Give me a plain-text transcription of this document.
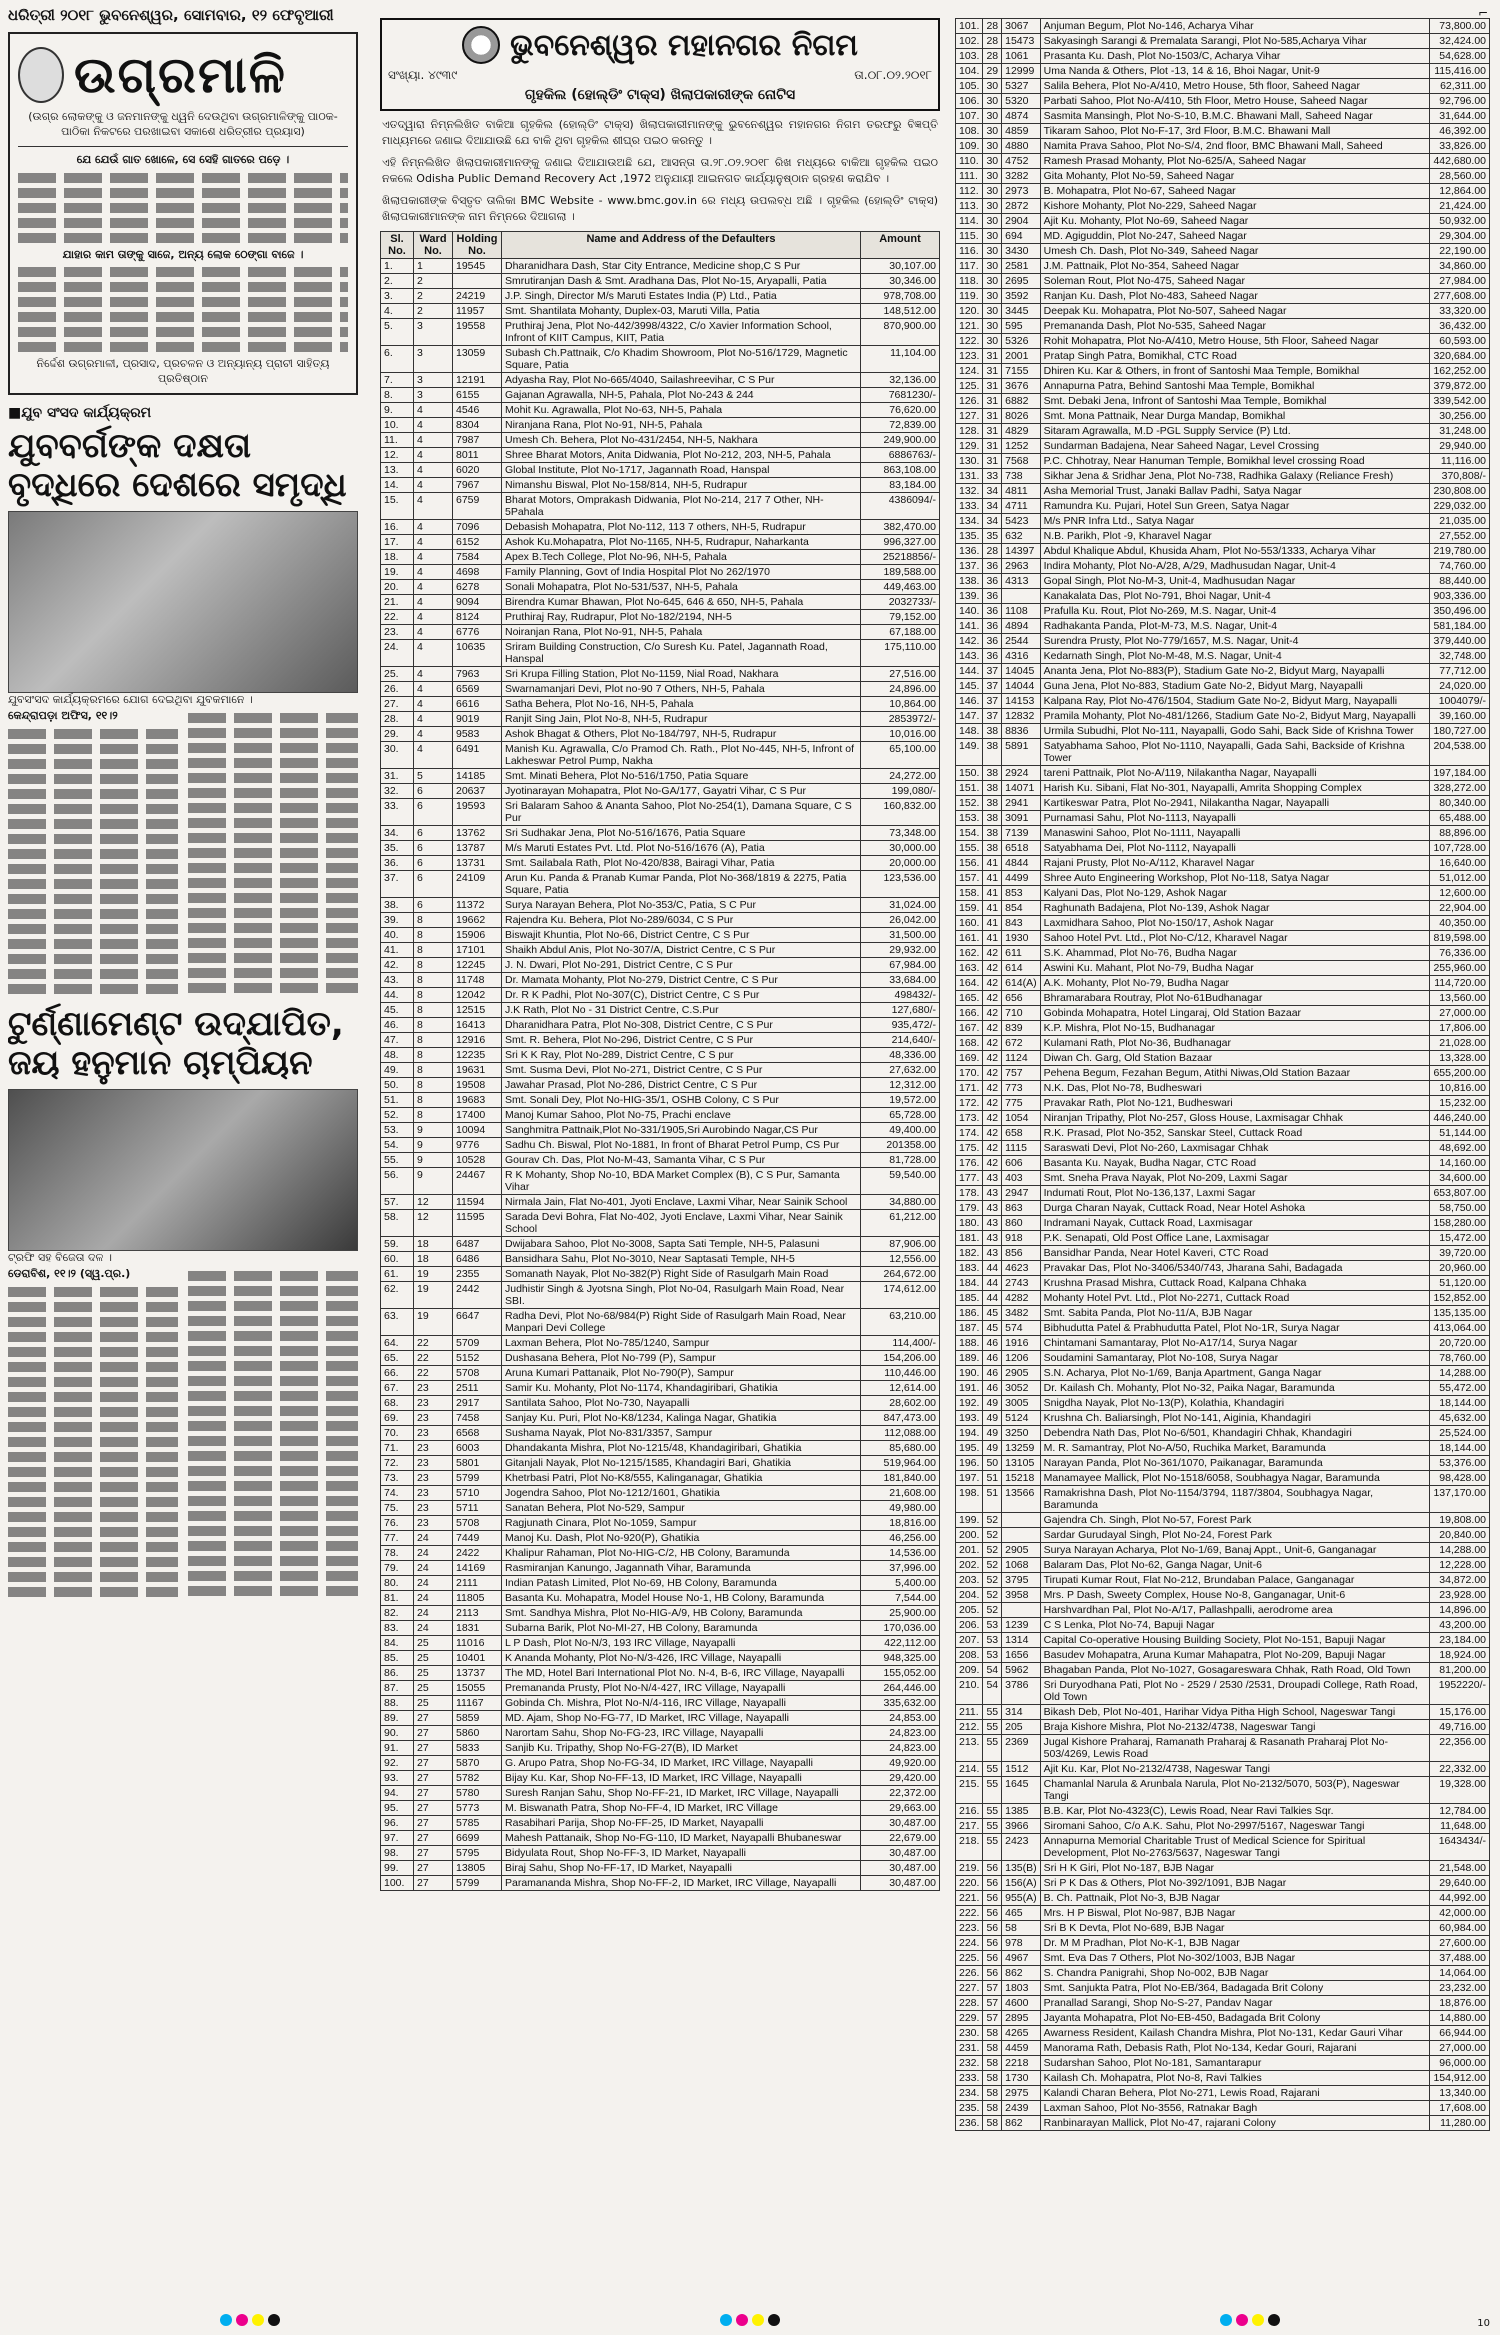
ଧରିତ୍ରୀ ୨୦୧୮ ଭୁବନେଶ୍ୱର, ସୋମବାର, ୧୨ ଫେବୃଆରୀ	⌐
ଉଗ୍ରମାଳି
(ଉଗ୍ର ଲୋକଙ୍କୁ ଓ ଜନମାନଙ୍କୁ ଧ୍ୱନି ଦେଉଥିବା ଉଗ୍ରମାଳିଙ୍କୁ ପାଠକ-ପାଠିକା ନିକଟରେ ପରଖାଇବା ସକାଶେ ଧରିତ୍ରୀର ପ୍ରୟାସ)
ଯେ ଯେଉଁ ଗାତ ଖୋଳେ, ସେ ସେହି ଗାତରେ ପଡ଼େ ।
ଯାହାର କାମ ତାଙ୍କୁ ସାଜେ, ଅନ୍ୟ ଲୋକ ଠେଙ୍ଗା ବାଜେ ।
ନିର୍ଦ୍ଦେଶ ଉଗ୍ରମାଳୀ, ପ୍ରସାଦ, ପ୍ରଚଳନ ଓ ଅନ୍ୟାନ୍ୟ ପ୍ରାଚୀ ସାହିତ୍ୟ ପ୍ରତିଷ୍ଠାନ
■ଯୁବ ସଂସଦ କାର୍ଯ୍ୟକ୍ରମ
ଯୁବବର୍ଗଙ୍କ ଦକ୍ଷତା ବୃଦ୍ଧିରେ ଦେଶରେ ସମୃଦ୍ଧି
ଯୁବସଂସଦ କାର୍ଯ୍ୟକ୍ରମରେ ଯୋଗ ଦେଇଥିବା ଯୁବକମାନେ ।
କେନ୍ଦ୍ରାପଡ଼ା ଅଫିସ, ୧୧।୨
ଟୁର୍ଣ୍ଣାମେଣ୍ଟ ଉଦ୍‌ଯାପିତ, ଜୟ ହନୁମାନ ଚାମ୍ପିୟନ
ଟ୍ରଫି ସହ ବିଜେତା ଦଳ ।
ଡେରାବିଶ, ୧୧।୨ (ସ୍ୱ.ପ୍ର.)
ଭୁବନେଶ୍ୱର ମହାନଗର ନିଗମ
ସଂଖ୍ୟା. ୪୯୩୯	ତା.୦୮.୦୨.୨୦୧୮
ଗୃହକିଲ (ହୋଲ୍ଡିଂ ଟାକ୍ସ) ଖିଲାପକାରୀଙ୍କ ନୋଟିସ
ଏତଦ୍ୱାରା ନିମ୍ନଲିଖିତ ବାକିଆ ଗୃହକିଲ (ହୋଲ୍ଡିଂ ଟାକ୍ସ) ଖିଲାପକାରୀମାନଙ୍କୁ ଭୁବନେଶ୍ୱର ମହାନଗର ନିଗମ ତରଫରୁ ବିଜ୍ଞପ୍ତି ମାଧ୍ୟମରେ ଜଣାଇ ଦିଆଯାଉଛି ଯେ ବାକି ଥିବା ଗୃହକିଲ ଶୀଘ୍ର ପଇଠ କରନ୍ତୁ ।
ଏହି ନିମ୍ନଲିଖିତ ଖିଲାପକାରୀମାନଙ୍କୁ ଜଣାଇ ଦିଆଯାଉଅଛି ଯେ, ଆସନ୍ତା ତା.୨୮.୦୨.୨୦୧୮ ରିଖ ମଧ୍ୟରେ ବାକିଆ ଗୃହକିଲ ପଇଠ ନକଲେ Odisha Public Demand Recovery Act ,1972 ଅନୁଯାୟୀ ଆଇନଗତ କାର୍ଯ୍ୟାନୁଷ୍ଠାନ ଗ୍ରହଣ କରାଯିବ ।
ଖିଲାପକାରୀଙ୍କ ବିସ୍ତୃତ ତାଲିକା BMC Website - www.bmc.gov.in ରେ ମଧ୍ୟ ଉପଲବ୍ଧ ଅଛି । ଗୃହକିଲ (ହୋଲ୍ଡିଂ ଟାକ୍ସ) ଖିଲାପକାରୀମାନଙ୍କ ନାମ ନିମ୍ନରେ ଦିଆଗଲା ।
Sl. No.	Ward No.	Holding No.	Name and Address of the Defaulters	Amount
1.	1	19545	Dharanidhara Dash, Star City Entrance, Medicine shop,C S Pur	30,107.00
2.	2		Smrutiranjan Dash & Smt. Aradhana Das, Plot No-15, Aryapalli, Patia	30,346.00
3.	2	24219	J.P. Singh, Director M/s Maruti Estates India (P) Ltd., Patia	978,708.00
4.	2	11957	Smt. Shantilata Mohanty, Duplex-03, Maruti Villa, Patia	148,512.00
5.	3	19558	Pruthiraj Jena, Plot No-442/3998/4322, C/o Xavier Information School, Infront of KIIT Campus, KIIT, Patia	870,900.00
6.	3	13059	Subash Ch.Pattnaik, C/o Khadim Showroom, Plot No-516/1729, Magnetic Square, Patia	11,104.00
7.	3	12191	Adyasha Ray, Plot No-665/4040, Sailashreevihar, C S Pur	32,136.00
8.	3	6155	Gajanan Agrawalla, NH-5, Pahala, Plot No-243 & 244	7681230/-
9.	4	4546	Mohit Ku. Agrawalla, Plot No-63, NH-5, Pahala	76,620.00
10.	4	8304	Niranjana Rana, Plot No-91, NH-5, Pahala	72,839.00
11.	4	7987	Umesh Ch. Behera, Plot No-431/2454, NH-5, Nakhara	249,900.00
12.	4	8011	Shree Bharat Motors, Anita Didwania, Plot No-212, 203, NH-5, Pahala	6886763/-
13.	4	6020	Global Institute, Plot No-1717, Jagannath Road, Hanspal	863,108.00
14.	4	7967	Nimanshu Biswal, Plot No-158/814, NH-5, Rudrapur	83,184.00
15.	4	6759	Bharat Motors, Omprakash Didwania, Plot No-214, 217 7 Other, NH-5Pahala	4386094/-
16.	4	7096	Debasish Mohapatra, Plot No-112, 113 7 others, NH-5, Rudrapur	382,470.00
17.	4	6152	Ashok Ku.Mohapatra, Plot No-1165, NH-5, Rudrapur, Naharkanta	996,327.00
18.	4	7584	Apex B.Tech College, Plot No-96, NH-5, Pahala	25218856/-
19.	4	4698	Family Planning, Govt of India Hospital Plot No 262/1970	189,588.00
20.	4	6278	Sonali Mohapatra, Plot No-531/537, NH-5, Pahala	449,463.00
21.	4	9094	Birendra Kumar Bhawan, Plot No-645, 646 & 650, NH-5, Pahala	2032733/-
22.	4	8124	Pruthiraj Ray, Rudrapur, Plot No-182/2194, NH-5	79,152.00
23.	4	6776	Noiranjan Rana, Plot No-91, NH-5, Pahala	67,188.00
24.	4	10635	Sriram Building Construction, C/o Suresh Ku. Patel, Jagannath Road, Hanspal	175,110.00
25.	4	7963	Sri Krupa Filling Station, Plot No-1159, Nial Road, Nakhara	27,516.00
26.	4	6569	Swarnamanjari Devi, Plot no-90 7 Others, NH-5, Pahala	24,896.00
27.	4	6616	Satha Behera, Plot No-16, NH-5, Pahala	10,864.00
28.	4	9019	Ranjit Sing Jain, Plot No-8, NH-5, Rudrapur	2853972/-
29.	4	9583	Ashok Bhagat & Others, Plot No-184/797, NH-5, Rudrapur	10,016.00
30.	4	6491	Manish Ku. Agrawalla, C/o Pramod Ch. Rath., Plot No-445, NH-5, Infront of Lakheswar Petrol Pump, Nakha	65,100.00
31.	5	14185	Smt. Minati Behera, Plot No-516/1750, Patia Square	24,272.00
32.	6	20637	Jyotinarayan Mohapatra, Plot No-GA/177, Gayatri Vihar, C S Pur	199,080/-
33.	6	19593	Sri Balaram Sahoo & Ananta Sahoo, Plot No-254(1), Damana Square, C S Pur	160,832.00
34.	6	13762	Sri Sudhakar Jena, Plot No-516/1676, Patia Square	73,348.00
35.	6	13787	M/s Maruti Estates Pvt. Ltd. Plot No-516/1676 (A), Patia	30,000.00
36.	6	13731	Smt. Sailabala Rath, Plot No-420/838, Bairagi Vihar, Patia	20,000.00
37.	6	24109	Arun Ku. Panda & Pranab Kumar Panda, Plot No-368/1819 & 2275, Patia Square, Patia	123,536.00
38.	6	11372	Surya Narayan Behera, Plot No-353/C, Patia, S C Pur	31,024.00
39.	8	19662	Rajendra Ku. Behera, Plot No-289/6034, C S Pur	26,042.00
40.	8	15906	Biswajit Khuntia, Plot No-66, District Centre, C S Pur	31,500.00
41.	8	17101	Shaikh Abdul Anis, Plot No-307/A, District Centre, C S Pur	29,932.00
42.	8	12245	J. N. Dwari, Plot No-291, District Centre, C S Pur	67,984.00
43.	8	11748	Dr. Mamata Mohanty, Plot No-279, District Centre, C S Pur	33,684.00
44.	8	12042	Dr. R K Padhi, Plot No-307(C), District Centre, C S Pur	498432/-
45.	8	12515	J.K Rath, Plot No - 31 District Centre, C.S.Pur	127,680/-
46.	8	16413	Dharanidhara Patra, Plot No-308, District Centre, C S Pur	935,472/-
47.	8	12916	Smt. R. Behera, Plot No-296, District Centre, C S Pur	214,640/-
48.	8	12235	Sri K K Ray, Plot No-289, District Centre, C S pur	48,336.00
49.	8	19631	Smt. Susma Devi, Plot No-271, District Centre, C S Pur	27,632.00
50.	8	19508	Jawahar Prasad, Plot No-286, District Centre, C S Pur	12,312.00
51.	8	19683	Smt. Sonali Dey, Plot No-HIG-35/1, OSHB Colony, C S Pur	19,572.00
52.	8	17400	Manoj Kumar Sahoo, Plot No-75, Prachi enclave	65,728.00
53.	9	10094	Sanghmitra Pattnaik,Plot No-331/1905,Sri Aurobindo Nagar,CS Pur	49,400.00
54.	9	9776	Sadhu Ch. Biswal, Plot No-1881, In front of Bharat Petrol Pump, CS Pur	201358.00
55.	9	10528	Gourav Ch. Das, Plot No-M-43, Samanta Vihar, C S Pur	81,728.00
56.	9	24467	R K Mohanty, Shop No-10, BDA Market Complex (B), C S Pur, Samanta Vihar	59,540.00
57.	12	11594	Nirmala Jain, Flat No-401, Jyoti Enclave, Laxmi Vihar, Near Sainik School	34,880.00
58.	12	11595	Sarada Devi Bohra, Flat No-402, Jyoti Enclave, Laxmi Vihar, Near Sainik School	61,212.00
59.	18	6487	Dwijabara Sahoo, Plot No-3008, Sapta Sati Temple, NH-5, Palasuni	87,906.00
60.	18	6486	Bansidhara Sahu, Plot No-3010, Near Saptasati Temple, NH-5	12,556.00
61.	19	2355	Somanath Nayak, Plot No-382(P) Right Side of Rasulgarh Main Road	264,672.00
62.	19	2442	Judhistir Singh & Jyotsna Singh, Plot No-04, Rasulgarh Main Road, Near SBI.	174,612.00
63.	19	6647	Radha Devi, Plot No-68/984(P) Right Side of Rasulgarh Main Road, Near Manpari Devi College	63,210.00
64.	22	5709	Laxman Behera, Plot No-785/1240, Sampur	114,400/-
65.	22	5152	Dushasana Behera, Plot No-799 (P), Sampur	154,206.00
66.	22	5708	Aruna Kumari Pattanaik, Plot No-790(P), Sampur	110,446.00
67.	23	2511	Samir Ku. Mohanty, Plot No-1174, Khandagiribari, Ghatikia	12,614.00
68.	23	2917	Santilata Sahoo, Plot No-730, Nayapalli	28,602.00
69.	23	7458	Sanjay Ku. Puri, Plot No-K8/1234, Kalinga Nagar, Ghatikia	847,473.00
70.	23	6568	Sushama Nayak, Plot No-831/3357, Sampur	112,088.00
71.	23	6003	Dhandakanta Mishra, Plot No-1215/48, Khandagiribari, Ghatikia	85,680.00
72.	23	5801	Gitanjali Nayak, Plot No-1215/1585, Khandagiri Bari, Ghatikia	519,964.00
73.	23	5799	Khetrbasi Patri, Plot No-K8/555, Kalinganagar, Ghatikia	181,840.00
74.	23	5710	Jogendra Sahoo, Plot No-1212/1601, Ghatikia	21,608.00
75.	23	5711	Sanatan Behera, Plot No-529, Sampur	49,980.00
76.	23	5708	Ragjunath Cinara, Plot No-1059, Sampur	18,816.00
77.	24	7449	Manoj Ku. Dash, Plot No-920(P), Ghatikia	46,256.00
78.	24	2422	Khalipur Rahaman, Plot No-HIG-C/2, HB Colony, Baramunda	14,536.00
79.	24	14169	Rasmiranjan Kanungo, Jagannath Vihar, Baramunda	37,996.00
80.	24	2111	Indian Patash Limited, Plot No-69, HB Colony, Baramunda	5,400.00
81.	24	11805	Basanta Ku. Mohapatra, Model House No-1, HB Colony, Baramunda	7,544.00
82.	24	2113	Smt. Sandhya Mishra, Plot No-HIG-A/9, HB Colony, Baramunda	25,900.00
83.	24	1831	Subarna Barik, Plot No-MI-27, HB Colony, Baramunda	170,036.00
84.	25	11016	L P Dash, Plot No-N/3, 193 IRC Village, Nayapalli	422,112.00
85.	25	10401	K Ananda Mohanty, Plot No-N/3-426, IRC Village, Nayapalli	948,325.00
86.	25	13737	The MD, Hotel Bari International Plot No. N-4, B-6, IRC Village, Nayapalli	155,052.00
87.	25	15055	Premananda Prusty, Plot No-N/4-427, IRC Village, Nayapalli	264,446.00
88.	25	11167	Gobinda Ch. Mishra, Plot No-N/4-116, IRC Village, Nayapalli	335,632.00
89.	27	5859	MD. Ajam, Shop No-FG-77, ID Market, IRC Village, Nayapalli	24,853.00
90.	27	5860	Narortam Sahu, Shop No-FG-23, IRC Village, Nayapalli	24,823.00
91.	27	5833	Sanjib Ku. Tripathy, Shop No-FG-27(B), ID Market	24,823.00
92.	27	5870	G. Arupo Patra, Shop No-FG-34, ID Market, IRC Village, Nayapalli	49,920.00
93.	27	5782	Bijay Ku. Kar, Shop No-FF-13, ID Market, IRC Village, Nayapalli	29,420.00
94.	27	5780	Suresh Ranjan Sahu, Shop No-FF-21, ID Market, IRC Village, Nayapalli	22,372.00
95.	27	5773	M. Biswanath Patra, Shop No-FF-4, ID Market, IRC Village	29,663.00
96.	27	5785	Rasabihari Parija, Shop No-FF-25, ID Market, Nayapalli	30,487.00
97.	27	6699	Mahesh Pattanaik, Shop No-FG-110, ID Market, Nayapalli Bhubaneswar	22,679.00
98.	27	5795	Bidyulata Rout, Shop No-FF-3, ID Market, Nayapalli	30,487.00
99.	27	13805	Biraj Sahu, Shop No-FF-17, ID Market, Nayapalli	30,487.00
100.	27	5799	Paramananda Mishra, Shop No-FF-2, ID Market, IRC Village, Nayapalli	30,487.00
101.	28	3067	Anjuman Begum, Plot No-146, Acharya Vihar	73,800.00
102.	28	15473	Sakyasingh Sarangi & Premalata Sarangi, Plot No-585,Acharya Vihar	32,424.00
103.	28	1061	Prasanta Ku. Dash, Plot No-1503/C, Acharya Vihar	54,628.00
104.	29	12999	Uma Nanda & Others, Plot -13, 14 & 16, Bhoi Nagar, Unit-9	115,416.00
105.	30	5327	Salila Behera, Plot No-A/410, Metro House, 5th floor, Saheed Nagar	62,311.00
106.	30	5320	Parbati Sahoo, Plot No-A/410, 5th Floor, Metro House, Saheed Nagar	92,796.00
107.	30	4874	Sasmita Mansingh, Plot No-S-10, B.M.C. Bhawani Mall, Saheed Nagar	31,644.00
108.	30	4859	Tikaram Sahoo, Plot No-F-17, 3rd Floor, B.M.C. Bhawani Mall	46,392.00
109.	30	4880	Namita Prava Sahoo, Plot No-S/4, 2nd floor, BMC Bhawani Mall, Saheed	33,826.00
110.	30	4752	Ramesh Prasad Mohanty, Plot No-625/A, Saheed Nagar	442,680.00
111.	30	3282	Gita Mohanty, Plot No-59, Saheed Nagar	28,560.00
112.	30	2973	B. Mohapatra, Plot No-67, Saheed Nagar	12,864.00
113.	30	2872	Kishore Mohanty, Plot No-229, Saheed Nagar	21,424.00
114.	30	2904	Ajit Ku. Mohanty, Plot No-69, Saheed Nagar	50,932.00
115.	30	694	MD. Agiguddin, Plot No-247, Saheed Nagar	29,304.00
116.	30	3430	Umesh Ch. Dash, Plot No-349, Saheed Nagar	22,190.00
117.	30	2581	J.M. Pattnaik, Plot No-354, Saheed Nagar	34,860.00
118.	30	2695	Soleman Rout, Plot No-475, Saheed Nagar	27,984.00
119.	30	3592	Ranjan Ku. Dash, Plot No-483, Saheed Nagar	277,608.00
120.	30	3445	Deepak Ku. Mohapatra, Plot No-507, Saheed Nagar	33,320.00
121.	30	595	Premananda Dash, Plot No-535, Saheed Nagar	36,432.00
122.	30	5326	Rohit Mohapatra, Plot No-A/410, Metro House, 5th Floor, Saheed Nagar	60,593.00
123.	31	2001	Pratap Singh Patra, Bomikhal, CTC Road	320,684.00
124.	31	7155	Dhiren Ku. Kar & Others, in front of Santoshi Maa Temple, Bomikhal	162,252.00
125.	31	3676	Annapurna Patra, Behind Santoshi Maa Temple, Bomikhal	379,872.00
126.	31	6882	Smt. Debaki Jena, Infront of Santoshi Maa Temple, Bomikhal	339,542.00
127.	31	8026	Smt. Mona Pattnaik, Near Durga Mandap, Bomikhal	30,256.00
128.	31	4829	Sitaram Agrawalla, M.D -PGL Supply Service (P) Ltd.	31,248.00
129.	31	1252	Sundarman Badajena, Near Saheed Nagar, Level Crossing	29,940.00
130.	31	7568	P.C. Chhotray, Near Hanuman Temple, Bomikhal level crossing Road	11,116.00
131.	33	738	Sikhar Jena & Sridhar Jena, Plot No-738, Radhika Galaxy (Reliance Fresh)	370,808/-
132.	34	4811	Asha Memorial Trust, Janaki Ballav Padhi, Satya Nagar	230,808.00
133.	34	4711	Ramundra Ku. Pujari, Hotel Sun Green, Satya Nagar	229,032.00
134.	34	5423	M/s PNR Infra Ltd., Satya Nagar	21,035.00
135.	35	632	N.B. Parikh, Plot -9, Kharavel Nagar	27,552.00
136.	28	14397	Abdul Khalique Abdul, Khusida Aham, Plot No-553/1333, Acharya Vihar	219,780.00
137.	36	2963	Indira Mohanty, Plot No-A/28, A/29, Madhusudan Nagar, Unit-4	74,760.00
138.	36	4313	Gopal Singh, Plot No-M-3, Unit-4, Madhusudan Nagar	88,440.00
139.	36		Kanakalata Das, Plot No-791, Bhoi Nagar, Unit-4	903,336.00
140.	36	1108	Prafulla Ku. Rout, Plot No-269, M.S. Nagar, Unit-4	350,496.00
141.	36	4894	Radhakanta Panda, Plot-M-73, M.S. Nagar, Unit-4	581,184.00
142.	36	2544	Surendra Prusty, Plot No-779/1657, M.S. Nagar, Unit-4	379,440.00
143.	36	4316	Kedarnath Singh, Plot No-M-48, M.S. Nagar, Unit-4	32,748.00
144.	37	14045	Ananta Jena, Plot No-883(P), Stadium Gate No-2, Bidyut Marg, Nayapalli	77,712.00
145.	37	14044	Guna Jena, Plot No-883, Stadium Gate No-2, Bidyut Marg, Nayapalli	24,020.00
146.	37	14153	Kalpana Ray, Plot No-476/1504, Stadium Gate No-2, Bidyut Marg, Nayapalli	1004079/-
147.	37	12832	Pramila Mohanty, Plot No-481/1266, Stadium Gate No-2, Bidyut Marg, Nayapalli	39,160.00
148.	38	8836	Urmila Subudhi, Plot No-111, Nayapalli, Godo Sahi, Back Side of Krishna Tower	180,727.00
149.	38	5891	Satyabhama Sahoo, Plot No-1110, Nayapalli, Gada Sahi, Backside of Krishna Tower	204,538.00
150.	38	2924	tareni Pattnaik, Plot No-A/119, Nilakantha Nagar, Nayapalli	197,184.00
151.	38	14071	Harish Ku. Sibani, Flat No-301, Nayapalli, Amrita Shopping Complex	328,272.00
152.	38	2941	Kartikeswar Patra, Plot No-2941, Nilakantha Nagar, Nayapalli	80,340.00
153.	38	3091	Purnamasi Sahu, Plot No-1113, Nayapalli	65,488.00
154.	38	7139	Manaswini Sahoo, Plot No-1111, Nayapalli	88,896.00
155.	38	6518	Satyabhama Dei, Plot No-1112, Nayapalli	107,728.00
156.	41	4844	Rajani Prusty, Plot No-A/112, Kharavel Nagar	16,640.00
157.	41	4499	Shree Auto Engineering Workshop, Plot No-118, Satya Nagar	51,012.00
158.	41	853	Kalyani Das, Plot No-129, Ashok Nagar	12,600.00
159.	41	854	Raghunath Badajena, Plot No-139, Ashok Nagar	22,904.00
160.	41	843	Laxmidhara Sahoo, Plot No-150/17, Ashok Nagar	40,350.00
161.	41	1930	Sahoo Hotel Pvt. Ltd., Plot No-C/12, Kharavel Nagar	819,598.00
162.	42	611	S.K. Ahammad, Plot No-76, Budha Nagar	76,336.00
163.	42	614	Aswini Ku. Mahant, Plot No-79, Budha Nagar	255,960.00
164.	42	614(A)	A.K. Mohanty, Plot No-79, Budha Nagar	114,720.00
165.	42	656	Bhramarabara Routray, Plot No-61Budhanagar	13,560.00
166.	42	710	Gobinda Mohapatra, Hotel Lingaraj, Old Station Bazaar	27,000.00
167.	42	839	K.P. Mishra, Plot No-15, Budhanagar	17,806.00
168.	42	672	Kulamani Rath, Plot No-36, Budhanagar	21,028.00
169.	42	1124	Diwan Ch. Garg, Old Station Bazaar	13,328.00
170.	42	757	Pehena Begum, Fezahan Begum, Atithi Niwas,Old Station Bazaar	655,200.00
171.	42	773	N.K. Das, Plot No-78, Budheswari	10,816.00
172.	42	775	Pravakar Rath, Plot No-121, Budheswari	15,232.00
173.	42	1054	Niranjan Tripathy, Plot No-257, Gloss House, Laxmisagar Chhak	446,240.00
174.	42	658	R.K. Prasad, Plot No-352, Sanskar Steel, Cuttack Road	51,144.00
175.	42	1115	Saraswati Devi, Plot No-260, Laxmisagar Chhak	48,692.00
176.	42	606	Basanta Ku. Nayak, Budha Nagar, CTC Road	14,160.00
177.	43	403	Smt. Sneha Prava Nayak, Plot No-209, Laxmi Sagar	34,600.00
178.	43	2947	Indumati Rout, Plot No-136,137, Laxmi Sagar	653,807.00
179.	43	863	Durga Charan Nayak, Cuttack Road, Near Hotel Ashoka	58,750.00
180.	43	860	Indramani Nayak, Cuttack Road, Laxmisagar	158,280.00
181.	43	918	P.K. Senapati, Old Post Office Lane, Laxmisagar	15,472.00
182.	43	856	Bansidhar Panda, Near Hotel Kaveri, CTC Road	39,720.00
183.	44	4623	Pravakar Das, Plot No-3406/5340/743, Jharana Sahi, Badagada	20,960.00
184.	44	2743	Krushna Prasad Mishra, Cuttack Road, Kalpana Chhaka	51,120.00
185.	44	4282	Mohanty Hotel Pvt. Ltd., Plot No-2271, Cuttack Road	152,852.00
186.	45	3482	Smt. Sabita Panda, Plot No-11/A, BJB Nagar	135,135.00
187.	45	574	Bibhudutta Patel & Prabhudutta Patel, Plot No-1R, Surya Nagar	413,064.00
188.	46	1916	Chintamani Samantaray, Plot No-A17/14, Surya Nagar	20,720.00
189.	46	1206	Soudamini Samantaray, Plot No-108, Surya Nagar	78,760.00
190.	46	2905	S.N. Acharya, Plot No-1/69, Banja Apartment, Ganga Nagar	14,288.00
191.	46	3052	Dr. Kailash Ch. Mohanty, Plot No-32, Paika Nagar, Baramunda	55,472.00
192.	49	3005	Snigdha Nayak, Plot No-13(P), Kolathia, Khandagiri	18,144.00
193.	49	5124	Krushna Ch. Baliarsingh, Plot No-141, Aiginia, Khandagiri	45,632.00
194.	49	3250	Debendra Nath Das, Plot No-6/501, Khandagiri Chhak, Khandagiri	25,524.00
195.	49	13259	M. R. Samantray, Plot No-A/50, Ruchika Market, Baramunda	18,144.00
196.	50	13105	Narayan Panda, Plot No-361/1070, Paikanagar, Baramunda	53,376.00
197.	51	15218	Manamayee Mallick, Plot No-1518/6058, Soubhagya Nagar, Baramunda	98,428.00
198.	51	13566	Ramakrishna Dash, Plot No-1154/3794, 1187/3804, Soubhagya Nagar, Baramunda	137,170.00
199.	52		Gajendra Ch. Singh, Plot No-57, Forest Park	19,808.00
200.	52		Sardar Gurudayal Singh, Plot No-24, Forest Park	20,840.00
201.	52	2905	Surya Narayan Acharya, Plot No-1/69, Banaj Appt., Unit-6, Ganganagar	14,288.00
202.	52	1068	Balaram Das, Plot No-62, Ganga Nagar, Unit-6	12,228.00
203.	52	3795	Tirupati Kumar Rout, Flat No-212, Brundaban Palace, Ganganagar	34,872.00
204.	52	3958	Mrs. P Dash, Sweety Complex, House No-8, Ganganagar, Unit-6	23,928.00
205.	52		Harshvardhan Pal, Plot No-A/17, Pallashpalli, aerodrome area	14,896.00
206.	53	1239	C S Lenka, Plot No-74, Bapuji Nagar	43,200.00
207.	53	1314	Capital Co-operative Housing Building Society, Plot No-151, Bapuji Nagar	23,184.00
208.	53	1656	Basudev Mohapatra, Aruna Kumar Mahapatra, Plot No-209, Bapuji Nagar	18,924.00
209.	54	5962	Bhagaban Panda, Plot No-1027, Gosagareswara Chhak, Rath Road, Old Town	81,200.00
210.	54	3786	Sri Duryodhana Pati, Plot No - 2529 / 2530 /2531, Droupadi College, Rath Road, Old Town	1952220/-
211.	55	314	Bikash Deb, Plot No-401, Harihar Vidya Pitha High School, Nageswar Tangi	15,176.00
212.	55	205	Braja Kishore Mishra, Plot No-2132/4738, Nageswar Tangi	49,716.00
213.	55	2369	Jugal Kishore Praharaj, Ramanath Praharaj & Rasanath Praharaj Plot No-503/4269, Lewis Road	22,356.00
214.	55	1512	Ajit Ku. Kar, Plot No-2132/4738, Nageswar Tangi	22,332.00
215.	55	1645	Chamanlal Narula & Arunbala Narula, Plot No-2132/5070, 503(P), Nageswar Tangi	19,328.00
216.	55	1385	B.B. Kar, Plot No-4323(C), Lewis Road, Near Ravi Talkies Sqr.	12,784.00
217.	55	3966	Siromani Sahoo, C/o A.K. Sahu, Plot No-2997/5167, Nageswar Tangi	11,648.00
218.	55	2423	Annapurna Memorial Charitable Trust of Medical Science for Spiritual Development, Plot No-2763/5637, Nageswar Tangi	1643434/-
219.	56	135(B)	Sri H K Giri, Plot No-187, BJB Nagar	21,548.00
220.	56	156(A)	Sri P K Das & Others, Plot No-392/1091, BJB Nagar	29,640.00
221.	56	955(A)	B. Ch. Pattnaik, Plot No-3, BJB Nagar	44,992.00
222.	56	465	Mrs. H P Biswal, Plot No-987, BJB Nagar	42,000.00
223.	56	58	Sri B K Devta, Plot No-689, BJB Nagar	60,984.00
224.	56	978	Dr. M M Pradhan, Plot No-K-1, BJB Nagar	27,600.00
225.	56	4967	Smt. Eva Das 7 Others, Plot No-302/1003, BJB Nagar	37,488.00
226.	56	862	S. Chandra Panigrahi, Shop No-002, BJB Nagar	14,064.00
227.	57	1803	Smt. Sanjukta Patra, Plot No-EB/364, Badagada Brit Colony	23,232.00
228.	57	4600	Pranallad Sarangi, Shop No-S-27, Pandav Nagar	18,876.00
229.	57	2895	Jayanta Mohapatra, Plot No-EB-450, Badagada Brit Colony	14,880.00
230.	58	4265	Awarness Resident, Kailash Chandra Mishra, Plot No-131, Kedar Gauri Vihar	66,944.00
231.	58	4459	Manorama Rath, Debasis Rath, Plot No-134, Kedar Gouri, Rajarani	27,000.00
232.	58	2218	Sudarshan Sahoo, Plot No-181, Samantarapur	96,000.00
233.	58	1730	Kailash Ch. Mohapatra, Plot No-8, Ravi Talkies	154,912.00
234.	58	2975	Kalandi Charan Behera, Plot No-271, Lewis Road, Rajarani	13,340.00
235.	58	2439	Laxman Sahoo, Plot No-3556, Ratnakar Bagh	17,608.00
236.	58	862	Ranbinarayan Mallick, Plot No-47, rajarani Colony	11,280.00
10
